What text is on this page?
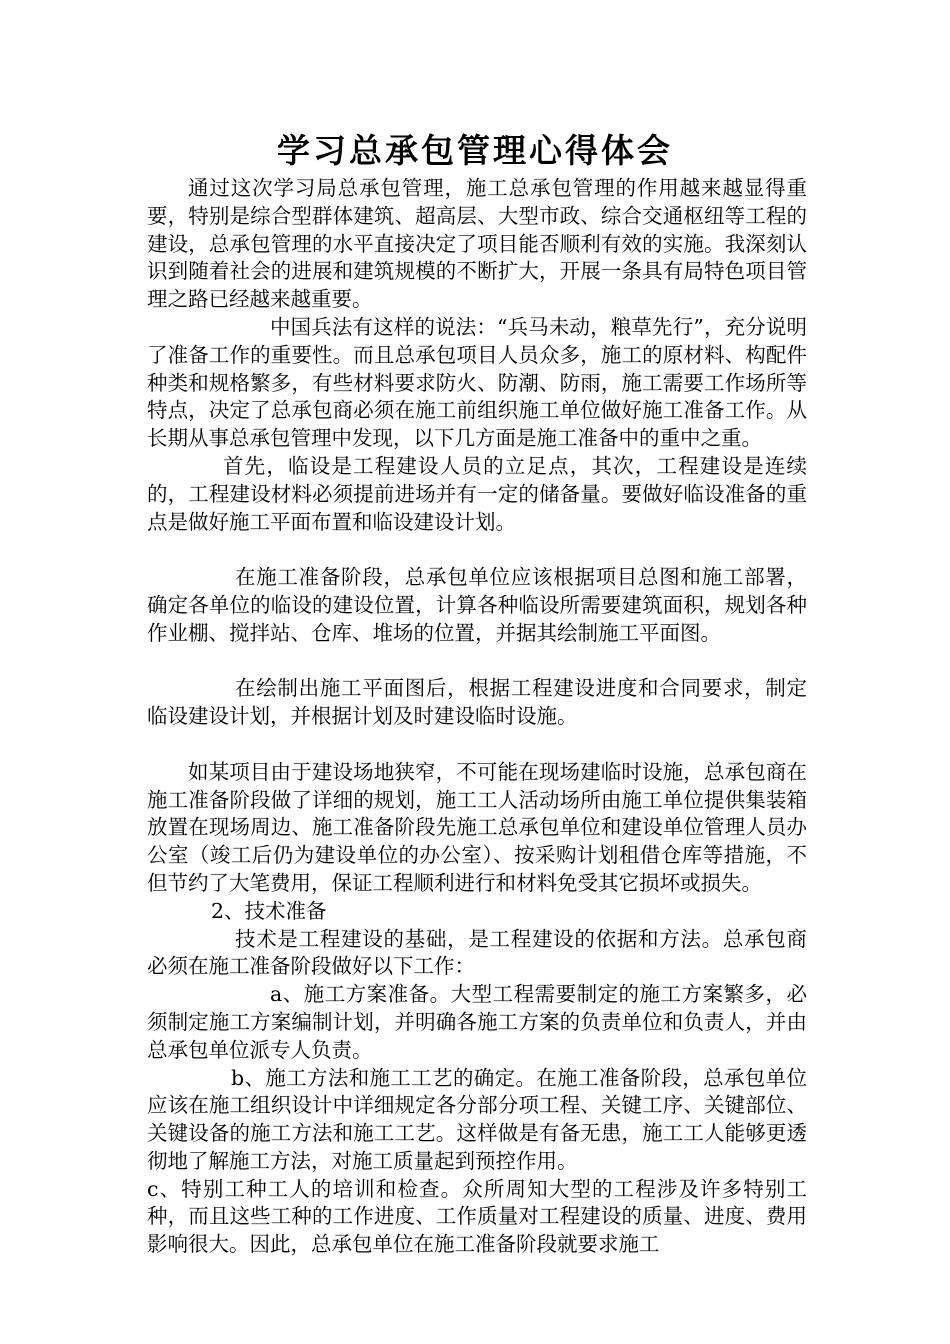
学习总承包管理心得体会

通过这次学习局总承包管理，施工总承包管理的作用越来越显得重要，特别是综合型群体建筑、超高层、大型市政、综合交通枢纽等工程的建设，总承包管理的水平直接决定了项目能否顺利有效的实施。我深刻认识到随着社会的进展和建筑规模的不断扩大，开展一条具有局特色项目管理之路已经越来越重要。

中国兵法有这样的说法：“兵马未动，粮草先行”，充分说明了准备工作的重要性。而且总承包项目人员众多，施工的原材料、构配件种类和规格繁多，有些材料要求防火、防潮、防雨，施工需要工作场所等特点，决定了总承包商必须在施工前组织施工单位做好施工准备工作。从长期从事总承包管理中发现，以下几方面是施工准备中的重中之重。

首先，临设是工程建设人员的立足点，其次，工程建设是连续的，工程建设材料必须提前进场并有一定的储备量。要做好临设准备的重点是做好施工平面布置和临设建设计划。

在施工准备阶段，总承包单位应该根据项目总图和施工部署，确定各单位的临设的建设位置，计算各种临设所需要建筑面积，规划各种作业棚、搅拌站、仓库、堆场的位置，并据其绘制施工平面图。

在绘制出施工平面图后，根据工程建设进度和合同要求，制定临设建设计划，并根据计划及时建设临时设施。

如某项目由于建设场地狭窄，不可能在现场建临时设施，总承包商在施工准备阶段做了详细的规划，施工工人活动场所由施工单位提供集装箱放置在现场周边、施工准备阶段先施工总承包单位和建设单位管理人员办公室（竣工后仍为建设单位的办公室）、按采购计划租借仓库等措施，不但节约了大笔费用，保证工程顺利进行和材料免受其它损坏或损失。

2、技术准备

技术是工程建设的基础，是工程建设的依据和方法。总承包商必须在施工准备阶段做好以下工作：

a、施工方案准备。大型工程需要制定的施工方案繁多，必须制定施工方案编制计划，并明确各施工方案的负责单位和负责人，并由总承包单位派专人负责。

b、施工方法和施工工艺的确定。在施工准备阶段，总承包单位应该在施工组织设计中详细规定各分部分项工程、关键工序、关键部位、关键设备的施工方法和施工工艺。这样做是有备无患，施工工人能够更透彻地了解施工方法，对施工质量起到预控作用。

c、特别工种工人的培训和检查。众所周知大型的工程涉及许多特别工种，而且这些工种的工作进度、工作质量对工程建设的质量、进度、费用影响很大。因此，总承包单位在施工准备阶段就要求施工
